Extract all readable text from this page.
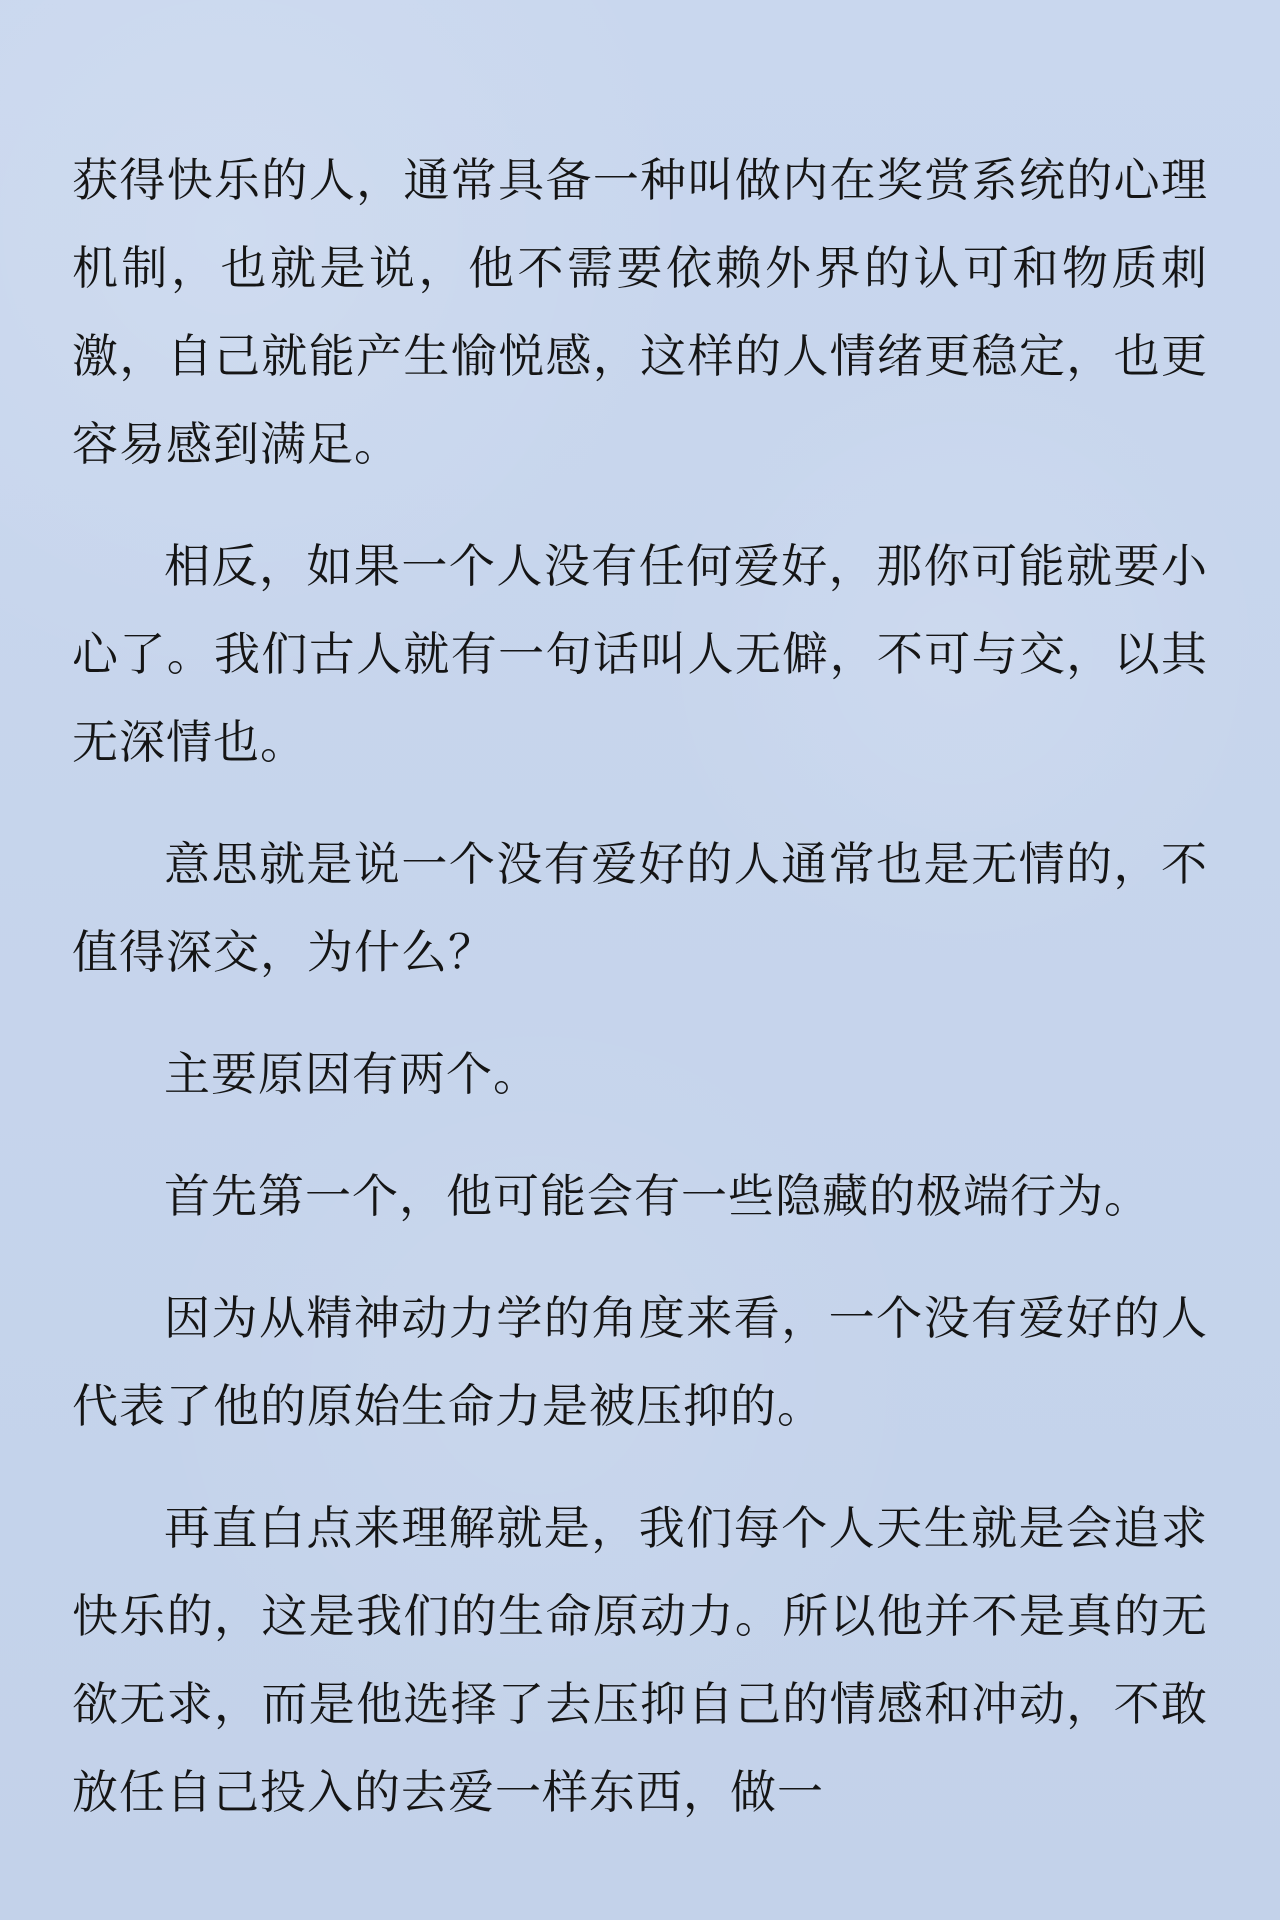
获得快乐的人，通常具备一种叫做内在奖赏系统的心理机制，也就是说，他不需要依赖外界的认可和物质刺激，自己就能产生愉悦感，这样的人情绪更稳定，也更容易感到满足。

相反，如果一个人没有任何爱好，那你可能就要小心了。我们古人就有一句话叫人无僻，不可与交，以其无深情也。

意思就是说一个没有爱好的人通常也是无情的，不值得深交，为什么？

主要原因有两个。

首先第一个，他可能会有一些隐藏的极端行为。

因为从精神动力学的角度来看，一个没有爱好的人代表了他的原始生命力是被压抑的。

再直白点来理解就是，我们每个人天生就是会追求快乐的，这是我们的生命原动力。所以他并不是真的无欲无求，而是他选择了去压抑自己的情感和冲动，不敢放任自己投入的去爱一样东西，做一
